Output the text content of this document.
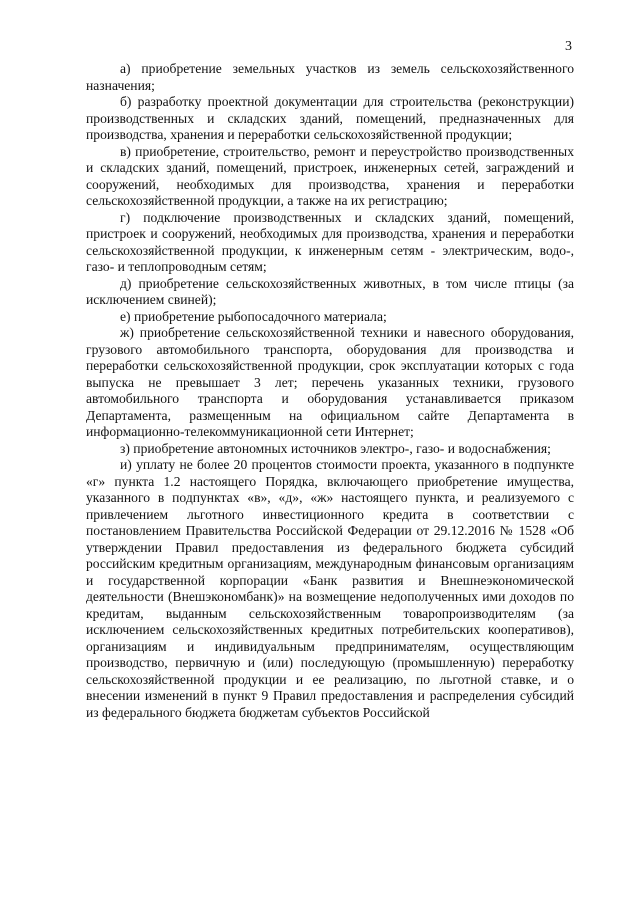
3

а) приобретение земельных участков из земель сельскохозяйственного назначения;

б) разработку проектной документации для строительства (реконструкции) производственных и складских зданий, помещений, предназначенных для производства, хранения и переработки сельскохозяйственной продукции;

в) приобретение, строительство, ремонт и переустройство производственных и складских зданий, помещений, пристроек, инженерных сетей, заграждений и сооружений, необходимых для производства, хранения и переработки сельскохозяйственной продукции, а также на их регистрацию;

г) подключение производственных и складских зданий, помещений, пристроек и сооружений, необходимых для производства, хранения и переработки сельскохозяйственной продукции, к инженерным сетям - электрическим, водо-, газо- и теплопроводным сетям;

д) приобретение сельскохозяйственных животных, в том числе птицы (за исключением свиней);

е) приобретение рыбопосадочного материала;

ж) приобретение сельскохозяйственной техники и навесного оборудования, грузового автомобильного транспорта, оборудования для производства и переработки сельскохозяйственной продукции, срок эксплуатации которых с года выпуска не превышает 3 лет; перечень указанных техники, грузового автомобильного транспорта и оборудования устанавливается приказом Департамента, размещенным на официальном сайте Департамента в информационно-телекоммуникационной сети Интернет;

з) приобретение автономных источников электро-, газо- и водоснабжения;

и) уплату не более 20 процентов стоимости проекта, указанного в подпункте «г» пункта 1.2 настоящего Порядка, включающего приобретение имущества, указанного в подпунктах «в», «д», «ж» настоящего пункта, и реализуемого с привлечением льготного инвестиционного кредита в соответствии с постановлением Правительства Российской Федерации от 29.12.2016 № 1528 «Об утверждении Правил предоставления из федерального бюджета субсидий российским кредитным организациям, международным финансовым организациям и государственной корпорации «Банк развития и Внешнеэкономической деятельности (Внешэкономбанк)» на возмещение недополученных ими доходов по кредитам, выданным сельскохозяйственным товаропроизводителям (за исключением сельскохозяйственных кредитных потребительских кооперативов), организациям и индивидуальным предпринимателям, осуществляющим производство, первичную и (или) последующую (промышленную) переработку сельскохозяйственной продукции и ее реализацию, по льготной ставке, и о внесении изменений в пункт 9 Правил предоставления и распределения субсидий из федерального бюджета бюджетам субъектов Российской
